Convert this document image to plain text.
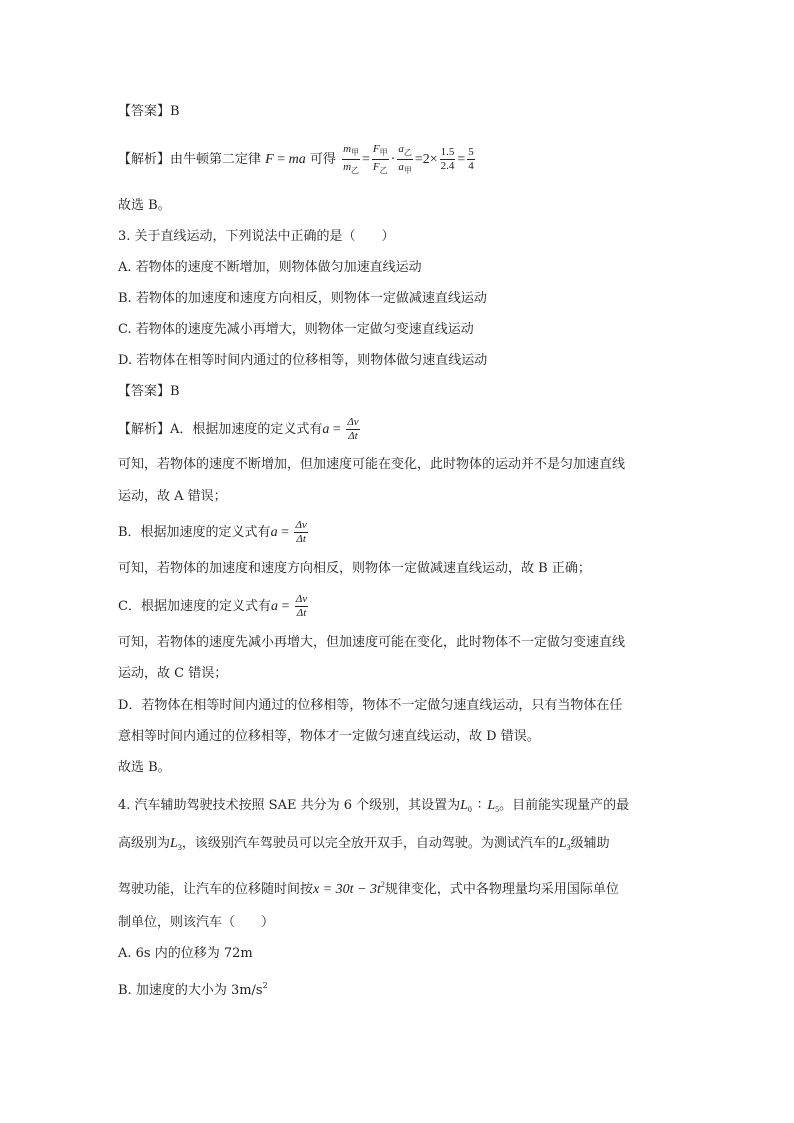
【答案】B
【解析】由牛顿第二定律 F = ma 可得 $\frac{m_甲}{m_乙} = \frac{F_甲}{F_乙} \cdot \frac{a_乙}{a_甲} =2\times \frac{1.5}{2.4} = \frac{5}{4}$
故选 B。
3. 关于直线运动，下列说法中正确的是（　　）
A. 若物体的速度不断增加，则物体做匀加速直线运动
B. 若物体的加速度和速度方向相反，则物体一定做减速直线运动
C. 若物体的速度先减小再增大，则物体一定做匀变速直线运动
D. 若物体在相等时间内通过的位移相等，则物体做匀速直线运动
【答案】B
【解析】A．根据加速度的定义式有$a = \frac{\Delta v}{\Delta t}$
可知，若物体的速度不断增加，但加速度可能在变化，此时物体的运动并不是匀加速直线
运动，故 A 错误；
B．根据加速度的定义式有$a = \frac{\Delta v}{\Delta t}$
可知，若物体的加速度和速度方向相反，则物体一定做减速直线运动，故 B 正确；
C．根据加速度的定义式有$a = \frac{\Delta v}{\Delta t}$
可知，若物体的速度先减小再增大，但加速度可能在变化，此时物体不一定做匀变速直线
运动，故 C 错误；
D．若物体在相等时间内通过的位移相等，物体不一定做匀速直线运动，只有当物体在任
意相等时间内通过的位移相等，物体才一定做匀速直线运动，故 D 错误。
故选 B。
4. 汽车辅助驾驶技术按照 SAE 共分为 6 个级别，其设置为$L_0$ ∶ $L_5$。目前能实现量产的最
高级别为$L_3$，该级别汽车驾驶员可以完全放开双手，自动驾驶。为测试汽车的$L_3$级辅助
驾驶功能，让汽车的位移随时间按$x = 30t - 3t^2$规律变化，式中各物理量均采用国际单位
制单位，则该汽车（　　）
A. 6s 内的位移为 72m
B. 加速度的大小为 $3m/s^2$
